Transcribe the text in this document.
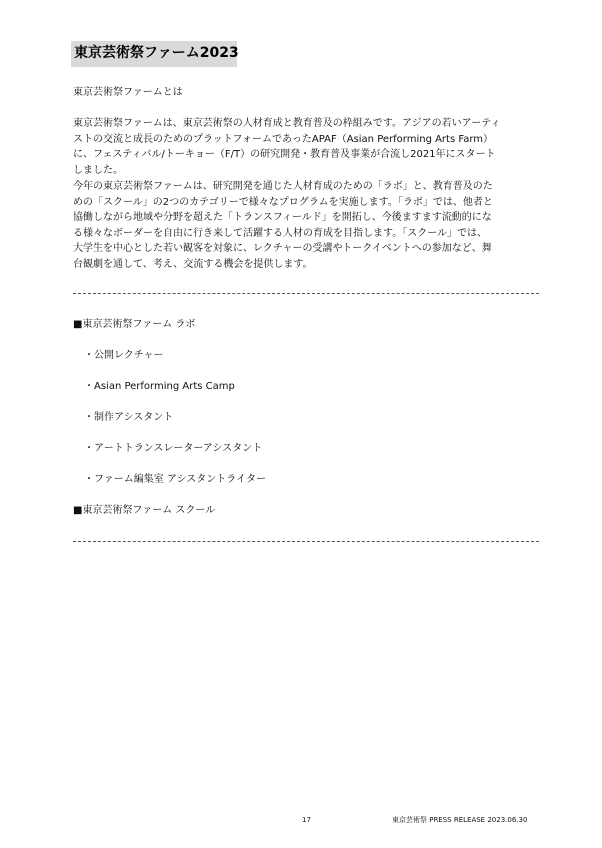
東京芸術祭ファーム2023
東京芸術祭ファームとは
東京芸術祭ファームは、東京芸術祭の人材育成と教育普及の枠組みです。アジアの若いアーティ
ストの交流と成長のためのプラットフォームであったAPAF（Asian Performing Arts Farm）
に、フェスティバル/トーキョー（F/T）の研究開発・教育普及事業が合流し2021年にスタート
しました。
今年の東京芸術祭ファームは、研究開発を通じた人材育成のための「ラボ」と、教育普及のた
めの「スクール」の2つのカテゴリーで様々なプログラムを実施します。「ラボ」では、他者と
協働しながら地域や分野を超えた「トランスフィールド」を開拓し、今後ますます流動的にな
る様々なボーダーを自由に行き来して活躍する人材の育成を目指します。「スクール」では、
大学生を中心とした若い観客を対象に、レクチャーの受講やトークイベントへの参加など、舞
台観劇を通して、考え、交流する機会を提供します。
■東京芸術祭ファーム ラボ
・公開レクチャー
・Asian Performing Arts Camp
・制作アシスタント
・アートトランスレーターアシスタント
・ファーム編集室 アシスタントライター
■東京芸術祭ファーム スクール
17	東京芸術祭 PRESS RELEASE 2023.06.30
